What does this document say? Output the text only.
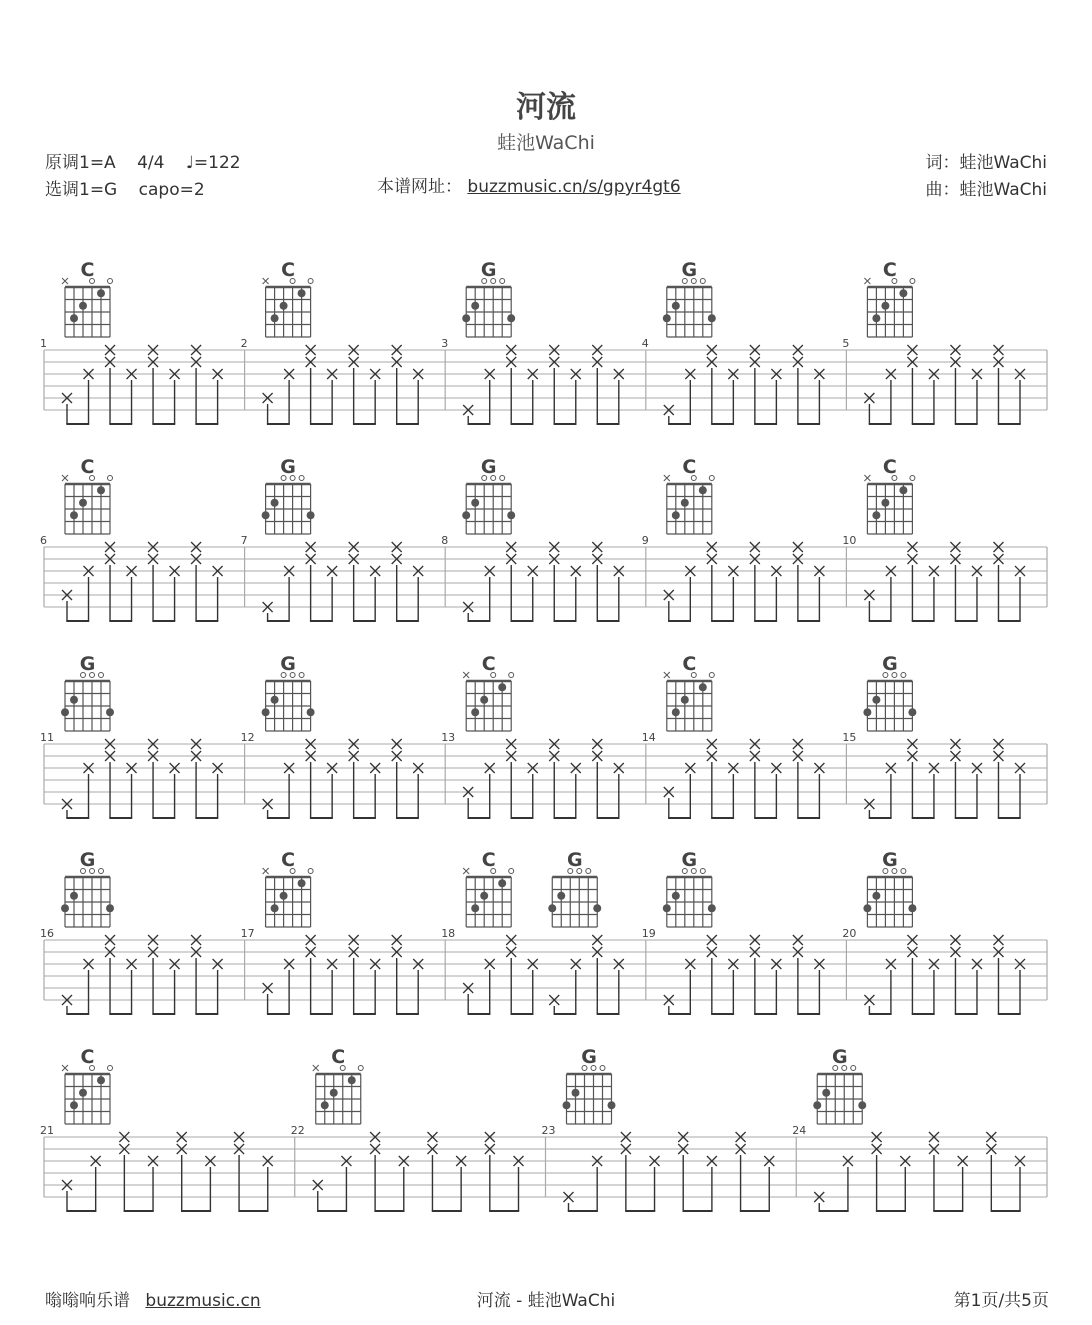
河流
蛙池WaChi
原调1=A 4/4 ♩=122
选调1=G capo=2	本谱网址： buzzmusic.cn/s/gpyr4gt6
词：蛙池WaChi
曲：蛙池WaChi
嗡嗡响乐谱 buzzmusic.cn	河流 - 蛙池WaChi	第1页/共5页
1
C
2
C
3
G
4
G
5
C
6
C
7
G
8
G
9
C
10
C
11
G
12
G
13
C
14
C
15
G
16
G
17
C
18
C	G
19
G
20
G
21
C
22
C
23
G
24
G
